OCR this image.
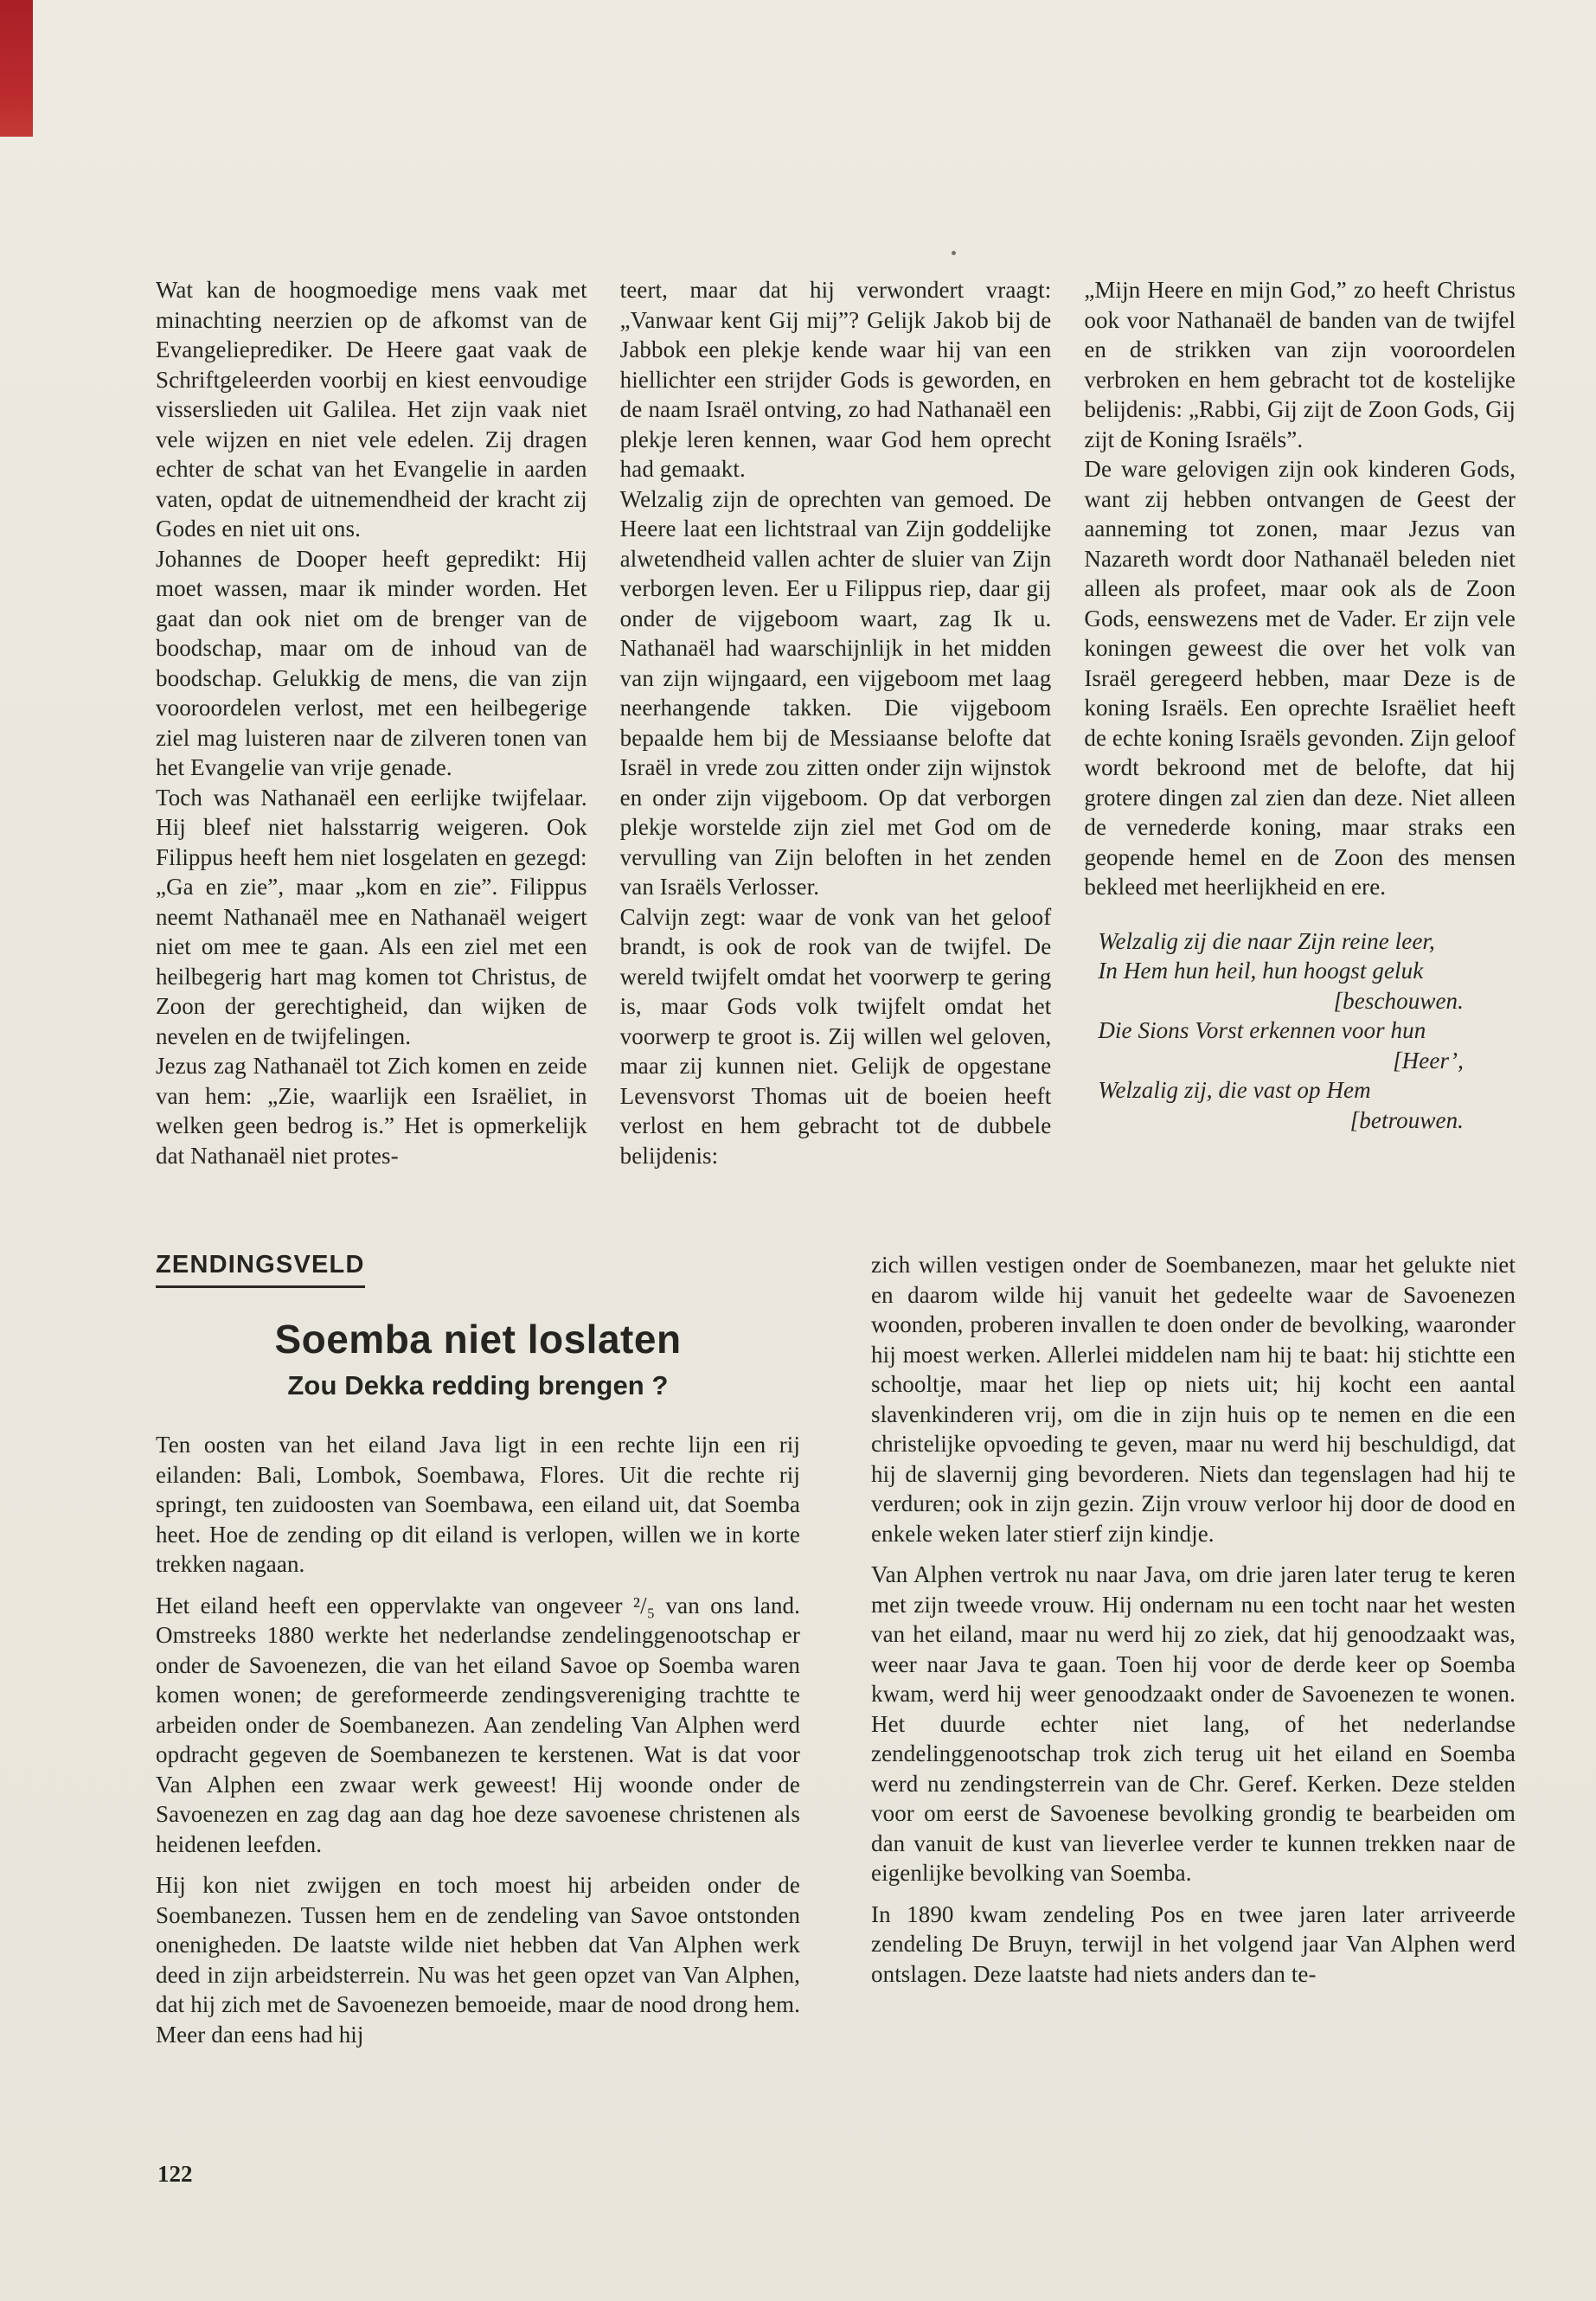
Wat kan de hoogmoedige mens vaak met minachting neerzien op de afkomst van de Evangelieprediker. De Heere gaat vaak de Schriftgeleerden voorbij en kiest eenvoudige visserslieden uit Galilea. Het zijn vaak niet vele wijzen en niet vele edelen. Zij dragen echter de schat van het Evangelie in aarden vaten, opdat de uitnemendheid der kracht zij Godes en niet uit ons.

Johannes de Dooper heeft gepredikt: Hij moet wassen, maar ik minder worden. Het gaat dan ook niet om de brenger van de boodschap, maar om de inhoud van de boodschap. Gelukkig de mens, die van zijn vooroordelen verlost, met een heilbegerige ziel mag luisteren naar de zilveren tonen van het Evangelie van vrije genade.

Toch was Nathanaël een eerlijke twijfelaar. Hij bleef niet halsstarrig weigeren. Ook Filippus heeft hem niet losgelaten en gezegd: „Ga en zie”, maar „kom en zie”. Filippus neemt Nathanaël mee en Nathanaël weigert niet om mee te gaan. Als een ziel met een heilbegerig hart mag komen tot Christus, de Zoon der gerechtigheid, dan wijken de nevelen en de twijfelingen.

Jezus zag Nathanaël tot Zich komen en zeide van hem: „Zie, waarlijk een Israëliet, in welken geen bedrog is.” Het is opmerkelijk dat Nathanaël niet protes-

teert, maar dat hij verwondert vraagt: „Vanwaar kent Gij mij”? Gelijk Jakob bij de Jabbok een plekje kende waar hij van een hiellichter een strijder Gods is geworden, en de naam Israël ontving, zo had Nathanaël een plekje leren kennen, waar God hem oprecht had gemaakt.

Welzalig zijn de oprechten van gemoed. De Heere laat een lichtstraal van Zijn goddelijke alwetendheid vallen achter de sluier van Zijn verborgen leven. Eer u Filippus riep, daar gij onder de vijgeboom waart, zag Ik u. Nathanaël had waarschijnlijk in het midden van zijn wijngaard, een vijgeboom met laag neerhangende takken. Die vijgeboom bepaalde hem bij de Messiaanse belofte dat Israël in vrede zou zitten onder zijn wijnstok en onder zijn vijgeboom. Op dat verborgen plekje worstelde zijn ziel met God om de vervulling van Zijn beloften in het zenden van Israëls Verlosser.

Calvijn zegt: waar de vonk van het geloof brandt, is ook de rook van de twijfel. De wereld twijfelt omdat het voorwerp te gering is, maar Gods volk twijfelt omdat het voorwerp te groot is. Zij willen wel geloven, maar zij kunnen niet. Gelijk de opgestane Levensvorst Thomas uit de boeien heeft verlost en hem gebracht tot de dubbele belijdenis:

„Mijn Heere en mijn God,” zo heeft Christus ook voor Nathanaël de banden van de twijfel en de strikken van zijn vooroordelen verbroken en hem gebracht tot de kostelijke belijdenis: „Rabbi, Gij zijt de Zoon Gods, Gij zijt de Koning Israëls”.

De ware gelovigen zijn ook kinderen Gods, want zij hebben ontvangen de Geest der aanneming tot zonen, maar Jezus van Nazareth wordt door Nathanaël beleden niet alleen als profeet, maar ook als de Zoon Gods, eenswezens met de Vader. Er zijn vele koningen geweest die over het volk van Israël geregeerd hebben, maar Deze is de koning Israëls. Een oprechte Israëliet heeft de echte koning Israëls gevonden. Zijn geloof wordt bekroond met de belofte, dat hij grotere dingen zal zien dan deze. Niet alleen de vernederde koning, maar straks een geopende hemel en de Zoon des mensen bekleed met heerlijkheid en ere.

Welzalig zij die naar Zijn reine leer,
In Hem hun heil, hun hoogst geluk
[beschouwen.
Die Sions Vorst erkennen voor hun
[Heer’,
Welzalig zij, die vast op Hem
[betrouwen.
ZENDINGSVELD
Soemba niet loslaten
Zou Dekka redding brengen ?

Ten oosten van het eiland Java ligt in een rechte lijn een rij eilanden: Bali, Lombok, Soembawa, Flores. Uit die rechte rij springt, ten zuidoosten van Soembawa, een eiland uit, dat Soemba heet. Hoe de zending op dit eiland is verlopen, willen we in korte trekken nagaan.

Het eiland heeft een oppervlakte van ongeveer ²/₅ van ons land. Omstreeks 1880 werkte het nederlandse zendelinggenootschap er onder de Savoenezen, die van het eiland Savoe op Soemba waren komen wonen; de gereformeerde zendingsvereniging trachtte te arbeiden onder de Soembanezen. Aan zendeling Van Alphen werd opdracht gegeven de Soembanezen te kerstenen. Wat is dat voor Van Alphen een zwaar werk geweest! Hij woonde onder de Savoenezen en zag dag aan dag hoe deze savoenese christenen als heidenen leefden.

Hij kon niet zwijgen en toch moest hij arbeiden onder de Soembanezen. Tussen hem en de zendeling van Savoe ontstonden onenigheden. De laatste wilde niet hebben dat Van Alphen werk deed in zijn arbeidsterrein. Nu was het geen opzet van Van Alphen, dat hij zich met de Savoenezen bemoeide, maar de nood drong hem. Meer dan eens had hij

zich willen vestigen onder de Soembanezen, maar het gelukte niet en daarom wilde hij vanuit het gedeelte waar de Savoenezen woonden, proberen invallen te doen onder de bevolking, waaronder hij moest werken. Allerlei middelen nam hij te baat: hij stichtte een schooltje, maar het liep op niets uit; hij kocht een aantal slavenkinderen vrij, om die in zijn huis op te nemen en die een christelijke opvoeding te geven, maar nu werd hij beschuldigd, dat hij de slavernij ging bevorderen. Niets dan tegenslagen had hij te verduren; ook in zijn gezin. Zijn vrouw verloor hij door de dood en enkele weken later stierf zijn kindje.

Van Alphen vertrok nu naar Java, om drie jaren later terug te keren met zijn tweede vrouw. Hij ondernam nu een tocht naar het westen van het eiland, maar nu werd hij zo ziek, dat hij genoodzaakt was, weer naar Java te gaan. Toen hij voor de derde keer op Soemba kwam, werd hij weer genoodzaakt onder de Savoenezen te wonen. Het duurde echter niet lang, of het nederlandse zendelinggenootschap trok zich terug uit het eiland en Soemba werd nu zendingsterrein van de Chr. Geref. Kerken. Deze stelden voor om eerst de Savoenese bevolking grondig te bearbeiden om dan vanuit de kust van lieverlee verder te kunnen trekken naar de eigenlijke bevolking van Soemba.

In 1890 kwam zendeling Pos en twee jaren later arriveerde zendeling De Bruyn, terwijl in het volgend jaar Van Alphen werd ontslagen. Deze laatste had niets anders dan te-

122
